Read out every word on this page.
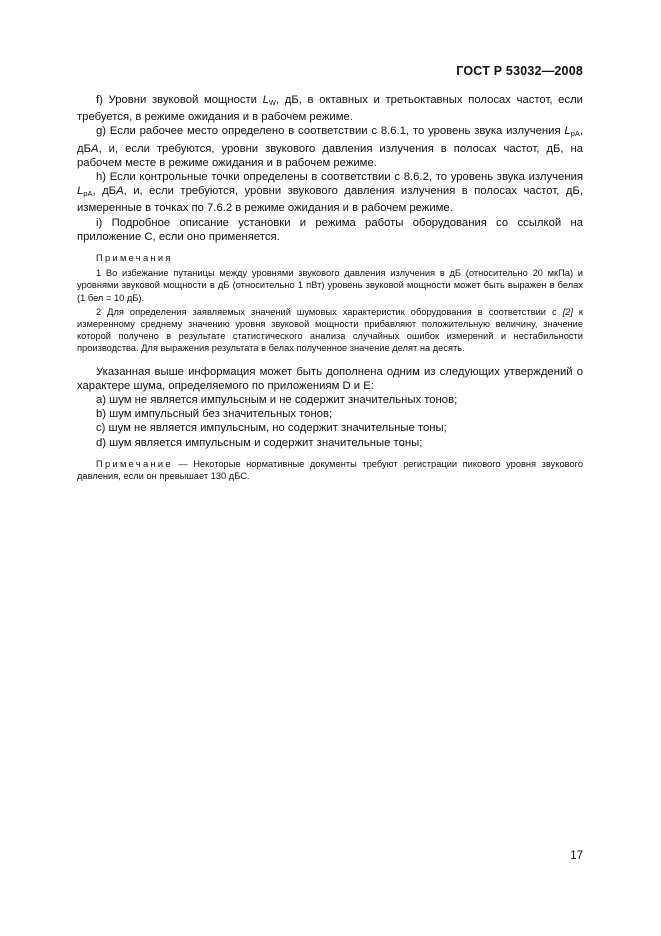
ГОСТ Р 53032—2008

f) Уровни звуковой мощности $L_W$, дБ, в октавных и третьоктавных полосах частот, если требуется, в режиме ожидания и в рабочем режиме.

g) Если рабочее место определено в соответствии с 8.6.1, то уровень звука излучения $L_{pA}$, дБA, и, если требуются, уровни звукового давления излучения в полосах частот, дБ, на рабочем месте в режиме ожидания и в рабочем режиме.

h) Если контрольные точки определены в соответствии с 8.6.2, то уровень звука излучения $L_{pA}$, дБA, и, если требуются, уровни звукового давления излучения в полосах частот, дБ, измеренные в точках по 7.6.2 в режиме ожидания и в рабочем режиме.

i) Подробное описание установки и режима работы оборудования со ссылкой на приложение С, если оно применяется.

Примечания

1 Во избежание путаницы между уровнями звукового давления излучения в дБ (относительно 20 мкПа) и уровнями звуковой мощности в дБ (относительно 1 пВт) уровень звуковой мощности может быть выражен в белах (1 бел = 10 дБ).

2 Для определения заявляемых значений шумовых характеристик оборудования в соответствии с [2] к измеренному среднему значению уровня звуковой мощности прибавляют положительную величину, значение которой получено в результате статистического анализа случайных ошибок измерений и нестабильности производства. Для выражения результата в белах полученное значение делят на десять.

Указанная выше информация может быть дополнена одним из следующих утверждений о характере шума, определяемого по приложениям D и E:

a) шум не является импульсным и не содержит значительных тонов;
b) шум импульсный без значительных тонов;
c) шум не является импульсным, но содержит значительные тоны;
d) шум является импульсным и содержит значительные тоны;

Примечание — Некоторые нормативные документы требуют регистрации пикового уровня звукового давления, если он превышает 130 дБС.

17
